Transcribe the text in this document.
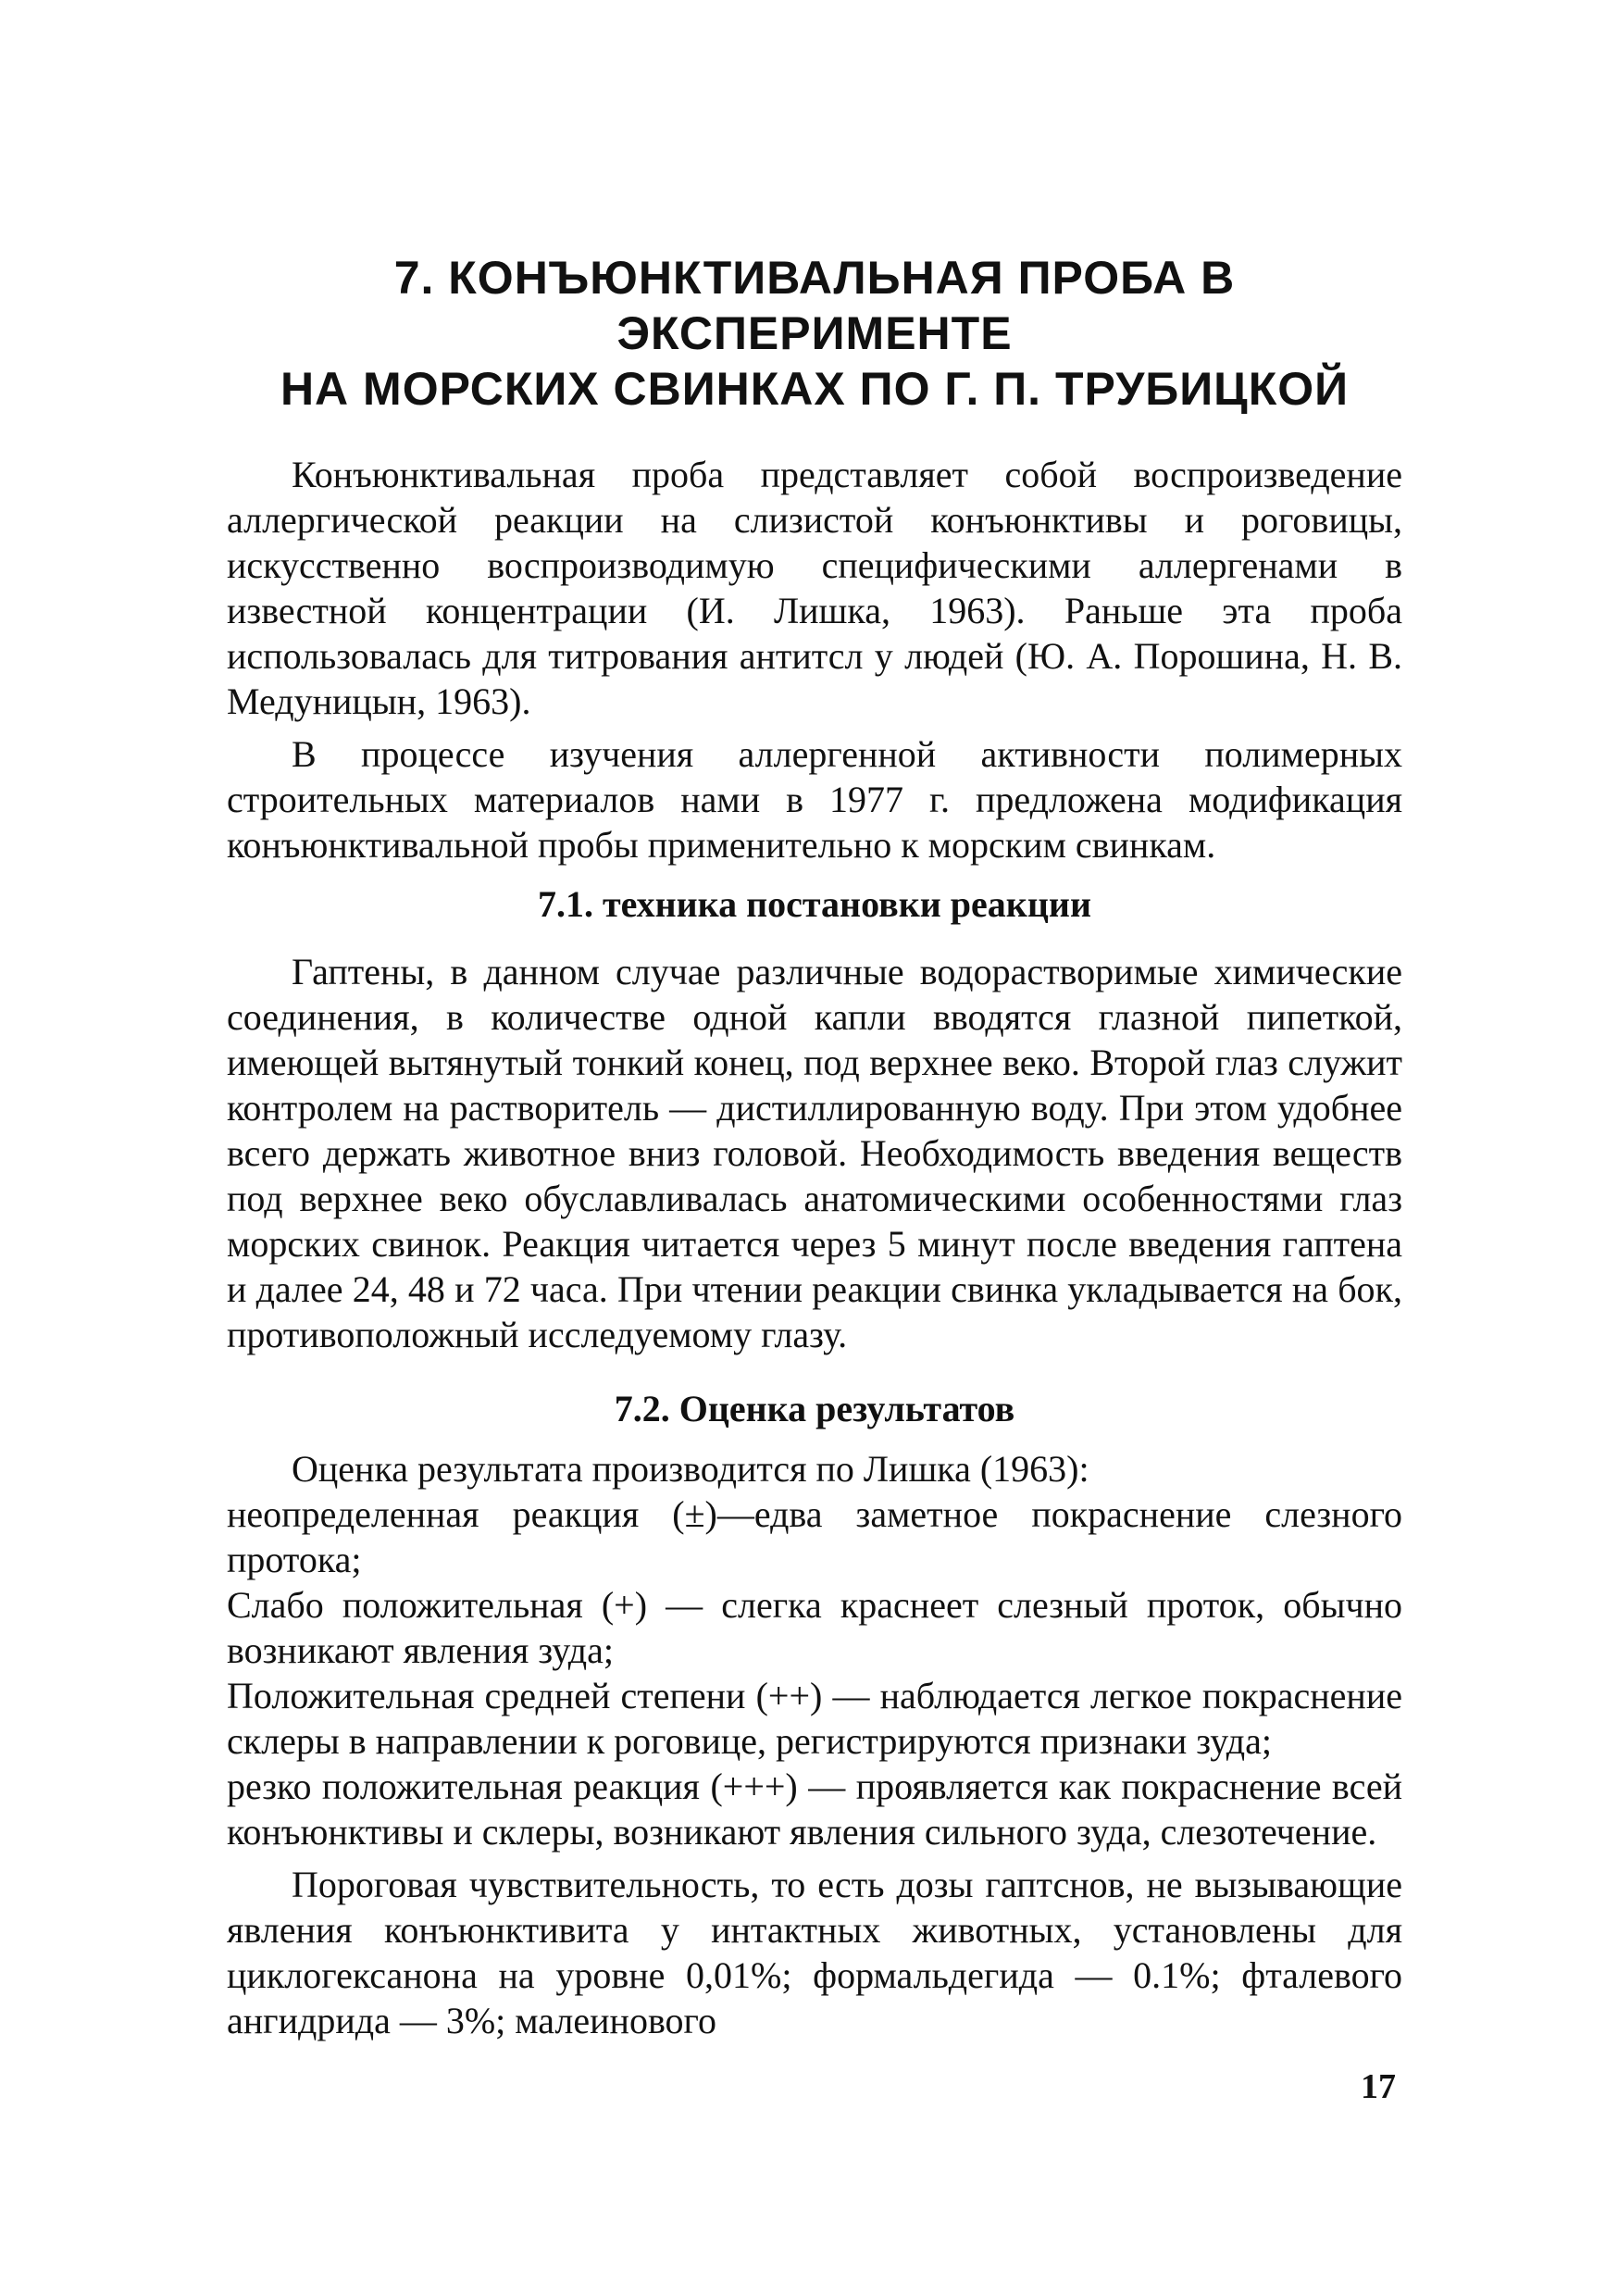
7. КОНЪЮНКТИВАЛЬНАЯ ПРОБА В ЭКСПЕРИМЕНТЕ
НА МОРСКИХ СВИНКАХ ПО Г. П. ТРУБИЦКОЙ

Конъюнктивальная проба представляет собой воспроизведение аллергической реакции на слизистой конъюнктивы и роговицы, искусственно воспроизводимую специфическими аллергенами в известной концентрации (И. Лишка, 1963). Раньше эта проба использовалась для титрования антитсл у людей (Ю. А. Порошина, Н. В. Медуницын, 1963).

В процессе изучения аллергенной активности полимерных строительных материалов нами в 1977 г. предложена модификация конъюнктивальной пробы применительно к морским свинкам.

7.1. техника постановки реакции

Гаптены, в данном случае различные водорастворимые химические соединения, в количестве одной капли вводятся глазной пипеткой, имеющей вытянутый тонкий конец, под верхнее веко. Второй глаз служит контролем на растворитель — дистиллированную воду. При этом удобнее всего держать животное вниз головой. Необходимость введения веществ под верхнее веко обуславливалась анатомическими особенностями глаз морских свинок. Реакция читается через 5 минут после введения гаптена и далее 24, 48 и 72 часа. При чтении реакции свинка укладывается на бок, противоположный исследуемому глазу.

7.2. Оценка результатов

Оценка результата производится по Лишка (1963):

неопределенная реакция (±)—едва заметное покраснение слезного протока;

Слабо положительная (+) — слегка краснеет слезный проток, обычно возникают явления зуда;

Положительная средней степени (++) — наблюдается легкое покраснение склеры в направлении к роговице, регистрируются признаки зуда;

резко положительная реакция (+++) — проявляется как покраснение всей конъюнктивы и склеры, возникают явления сильного зуда, слезотечение.

Пороговая чувствительность, то есть дозы гаптснов, не вызывающие явления конъюнктивита у интактных животных, установлены для циклогексанона на уровне 0,01%; формальдегида — 0.1%; фталевого ангидрида — 3%; малеинового

17
